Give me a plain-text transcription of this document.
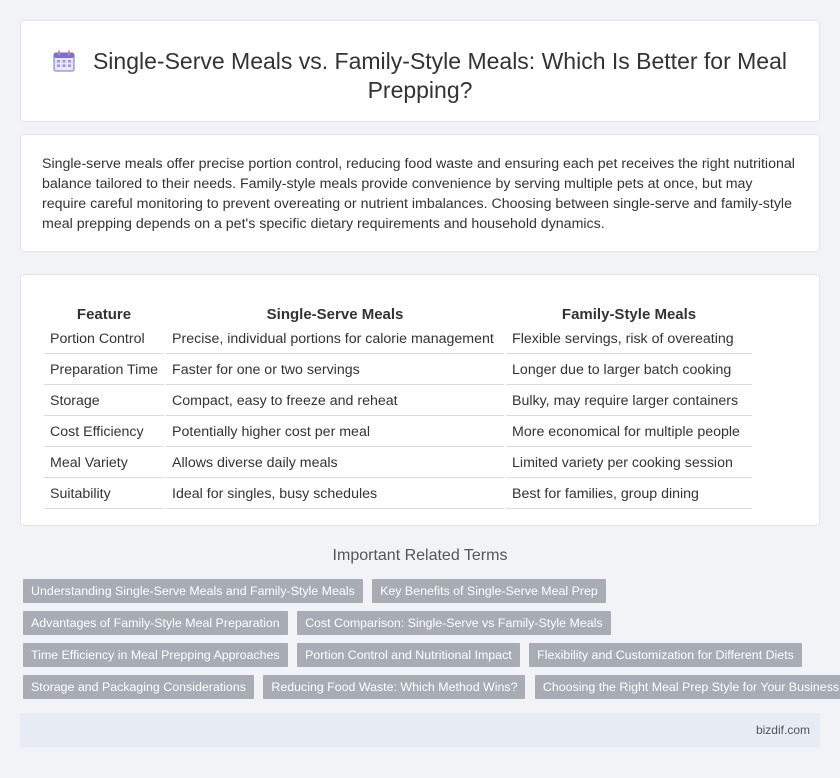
Single-Serve Meals vs. Family-Style Meals: Which Is Better for Meal Prepping?

Single-serve meals offer precise portion control, reducing food waste and ensuring each pet receives the right nutritional balance tailored to their needs. Family-style meals provide convenience by serving multiple pets at once, but may require careful monitoring to prevent overeating or nutrient imbalances. Choosing between single-serve and family-style meal prepping depends on a pet's specific dietary requirements and household dynamics.

Feature	Single-Serve Meals	Family-Style Meals
Portion Control	Precise, individual portions for calorie management	Flexible servings, risk of overeating
Preparation Time	Faster for one or two servings	Longer due to larger batch cooking
Storage	Compact, easy to freeze and reheat	Bulky, may require larger containers
Cost Efficiency	Potentially higher cost per meal	More economical for multiple people
Meal Variety	Allows diverse daily meals	Limited variety per cooking session
Suitability	Ideal for singles, busy schedules	Best for families, group dining
Important Related Terms
Understanding Single-Serve Meals and Family-Style Meals Key Benefits of Single-Serve Meal Prep
Advantages of Family-Style Meal Preparation Cost Comparison: Single-Serve vs Family-Style Meals
Time Efficiency in Meal Prepping Approaches Portion Control and Nutritional Impact Flexibility and Customization for Different Diets
Storage and Packaging Considerations Reducing Food Waste: Which Method Wins? Choosing the Right Meal Prep Style for Your Business
bizdif.com
